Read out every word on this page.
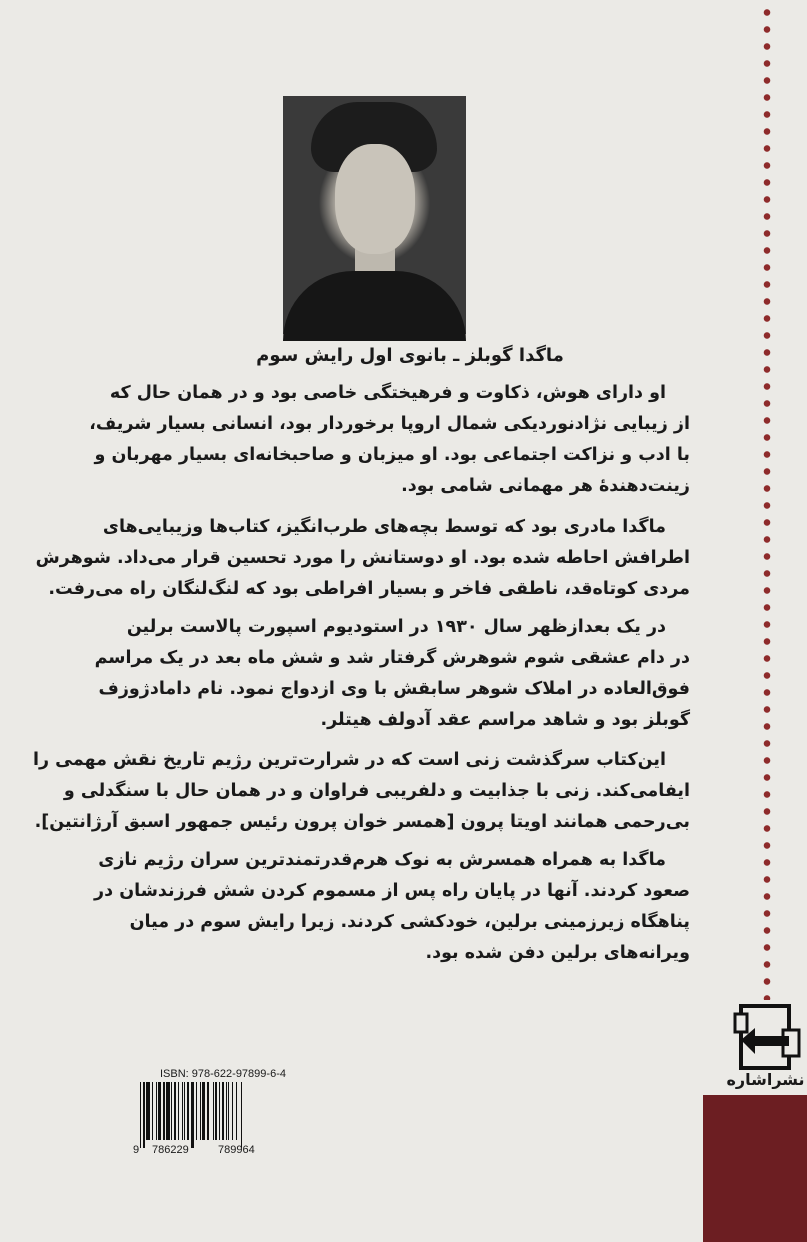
ماگدا گوبلز ـ بانوی اول رایش سوم
او دارای هوش، ذکاوت و فرهیختگی خاصی بود و در همان حال که
از زیبایی نژادنوردیکی شمال اروپا برخوردار بود، انسانی بسیار شریف،
با ادب و نزاکت اجتماعی بود. او میزبان و صاحبخانه‌ای بسیار مهربان و
زینت‌دهندهٔ هر مهمانی شامی بود.
ماگدا مادری بود که توسط بچه‌های طرب‌انگیز، کتاب‌ها وزیبایی‌های
اطرافش احاطه شده بود. او دوستانش را مورد تحسین قرار می‌داد. شوهرش
مردی کوتاه‌قد، ناطقی فاخر و بسیار افراطی بود که لنگ‌لنگان راه می‌رفت.
در یک بعدازظهر سال ۱۹۳۰ در استودیوم اسپورت پالاست برلین
در دام عشقی شوم شوهرش گرفتار شد و شش ماه بعد در یک مراسم
فوق‌العاده در املاک شوهر سابقش با وی ازدواج نمود. نام دامادژوزف
گوبلز بود و شاهد مراسم عقد آدولف هیتلر.
این‌کتاب سرگذشت زنی است که در شرارت‌ترین رژیم تاریخ نقش مهمی را
ایفامی‌کند. زنی با جذابیت و دلفریبی فراوان و در همان حال با سنگدلی و
بی‌رحمی همانند اویتا پرون [همسر خوان پرون رئیس جمهور اسبق آرژانتین].
ماگدا به همراه همسرش به نوک هرم‌قدرتمندترین سران رژیم نازی
صعود کردند. آنها در پایان راه پس از مسموم کردن شش فرزندشان در
پناهگاه زیرزمینی برلین، خودکشی کردند. زیرا رایش سوم در میان
ویرانه‌های برلین دفن شده بود.
نشراشاره
ISBN: 978-622-97899-6-4
9 786229	789964
